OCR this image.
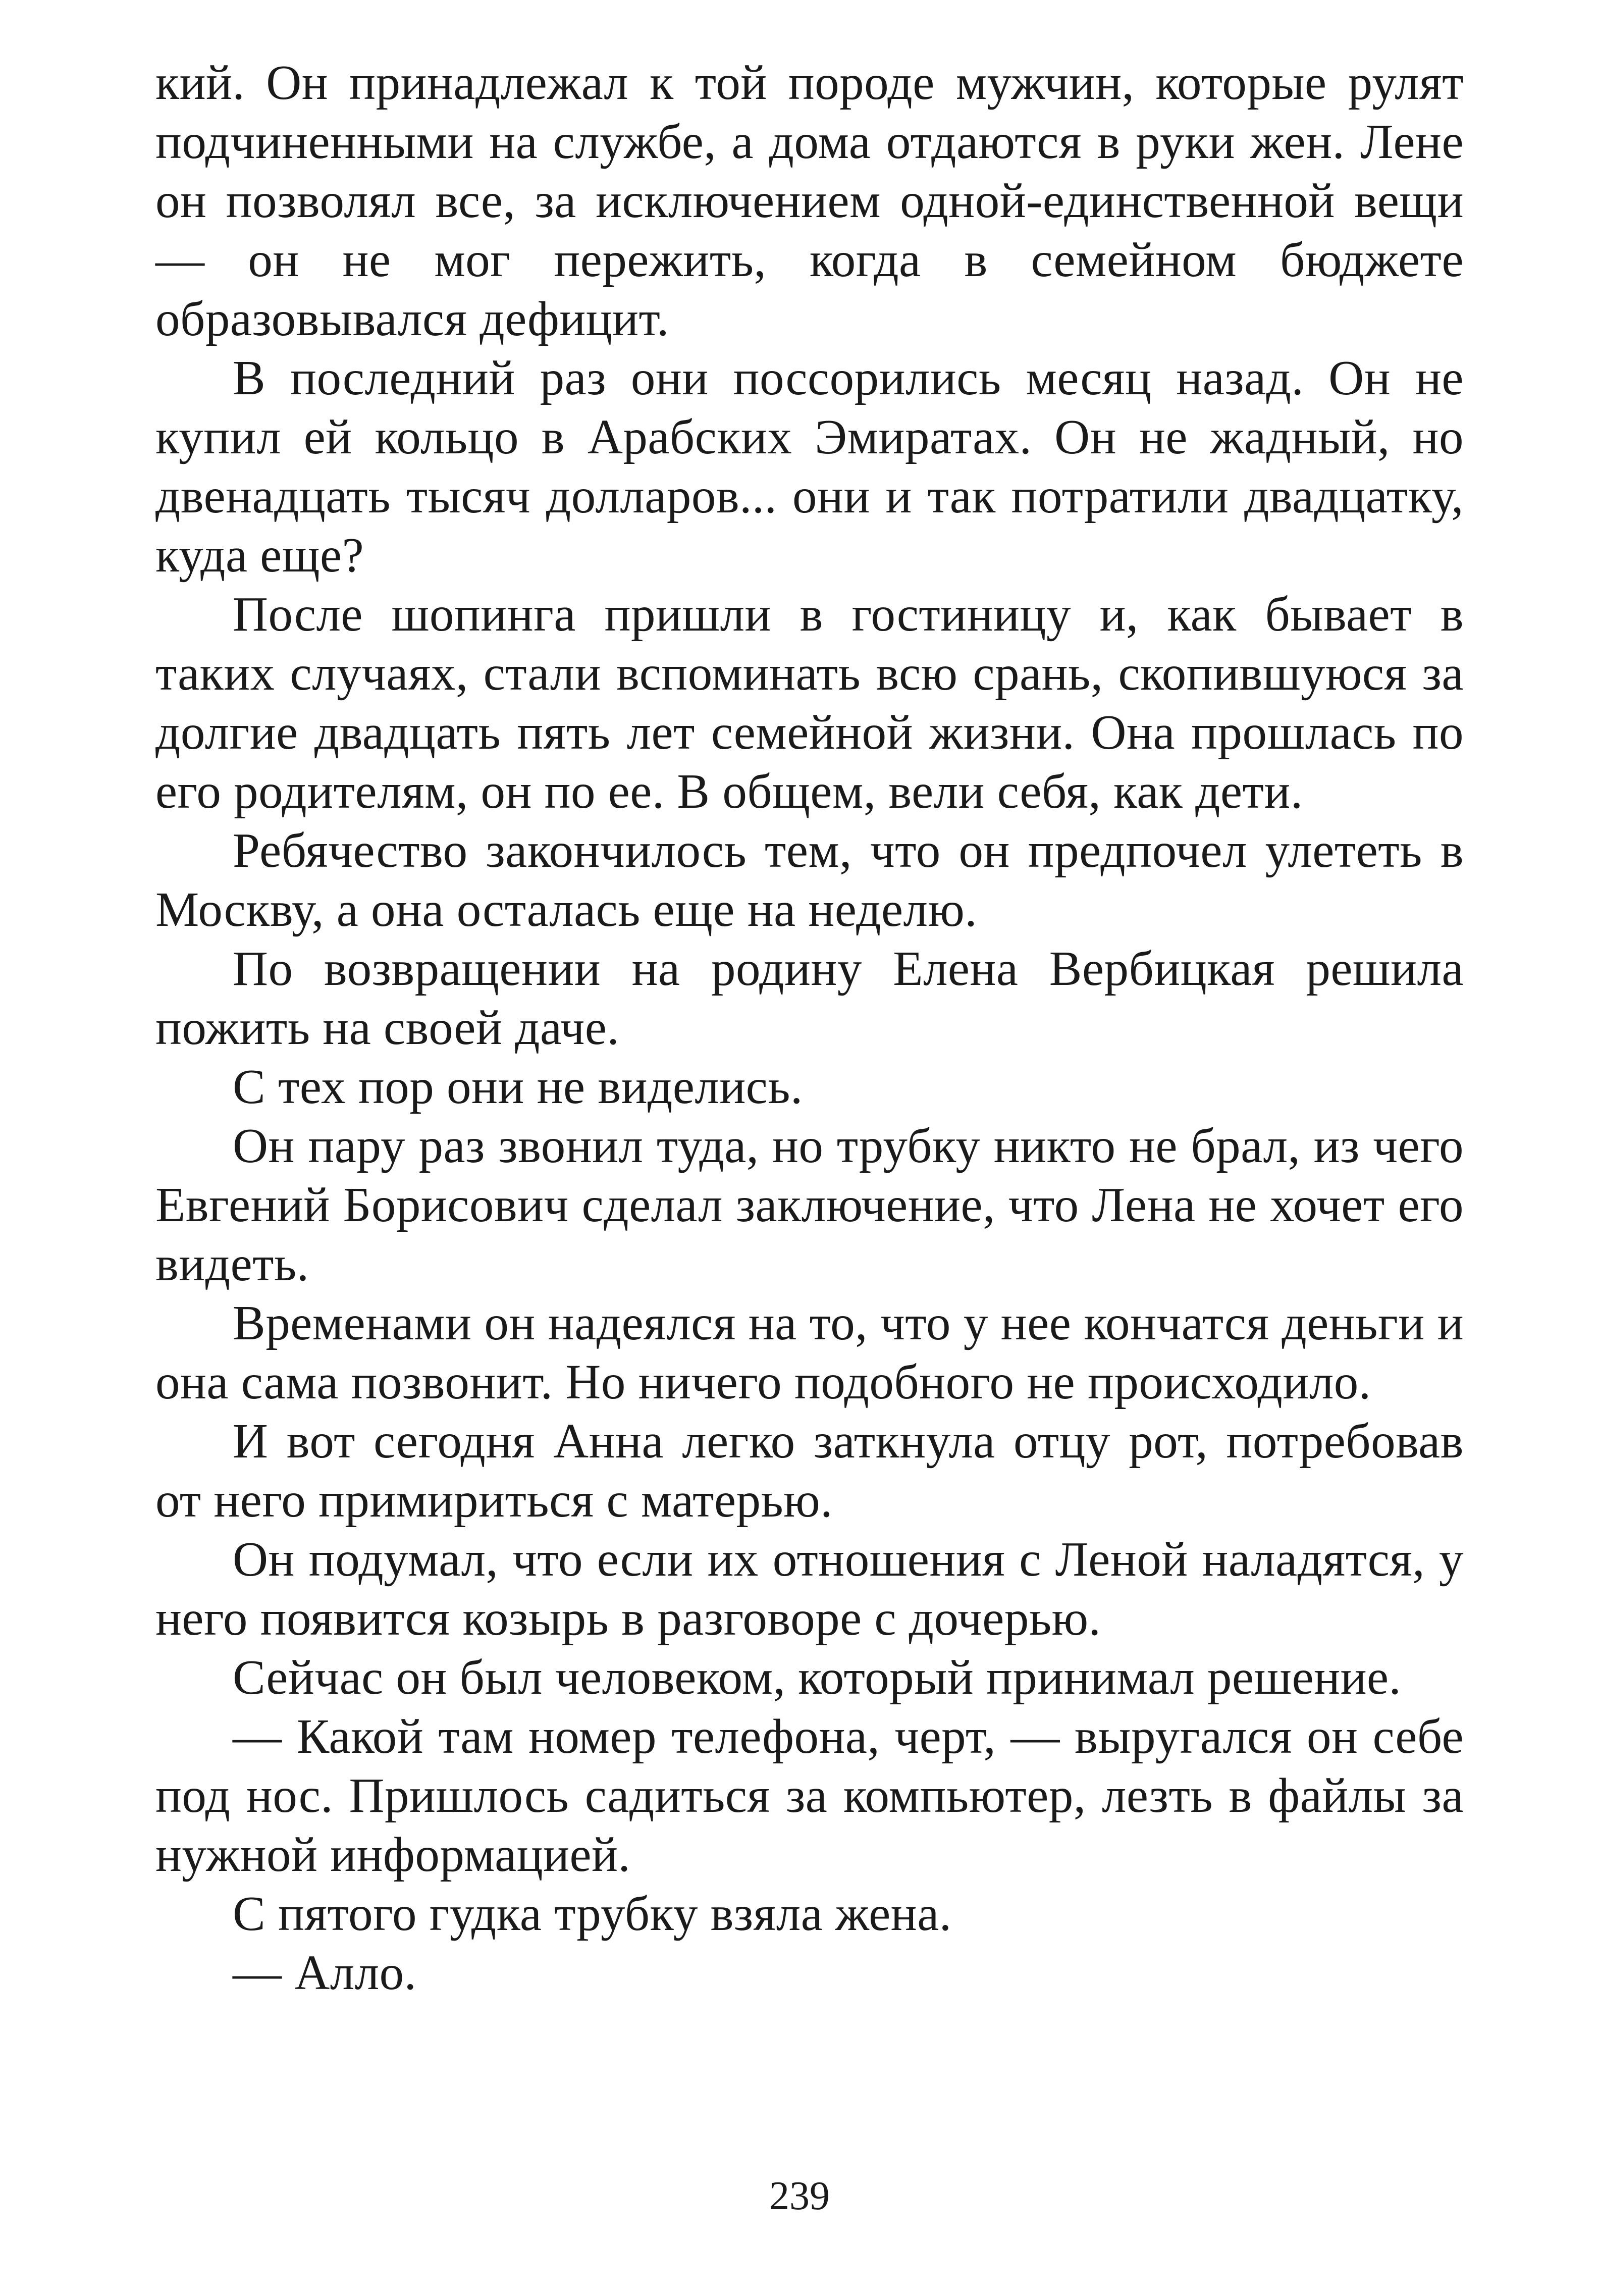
кий. Он принадлежал к той породе мужчин, которые рулят подчиненными на службе, а дома отдаются в руки жен. Лене он позволял все, за исключением одной-единственной вещи — он не мог пережить, когда в семейном бюджете образовывался дефицит.

В последний раз они поссорились месяц назад. Он не купил ей кольцо в Арабских Эмиратах. Он не жадный, но двенадцать тысяч долларов... они и так потратили двадцатку, куда еще?

После шопинга пришли в гостиницу и, как бывает в таких случаях, стали вспоминать всю срань, скопившуюся за долгие двадцать пять лет семейной жизни. Она прошлась по его родителям, он по ее. В общем, вели себя, как дети.

Ребячество закончилось тем, что он предпочел улететь в Москву, а она осталась еще на неделю.

По возвращении на родину Елена Вербицкая решила пожить на своей даче.

С тех пор они не виделись.

Он пару раз звонил туда, но трубку никто не брал, из чего Евгений Борисович сделал заключение, что Лена не хочет его видеть.

Временами он надеялся на то, что у нее кончатся деньги и она сама позвонит. Но ничего подобного не происходило.

И вот сегодня Анна легко заткнула отцу рот, потребовав от него примириться с матерью.

Он подумал, что если их отношения с Леной наладятся, у него появится козырь в разговоре с дочерью.

Сейчас он был человеком, который принимал решение.

— Какой там номер телефона, черт, — выругался он себе под нос. Пришлось садиться за компьютер, лезть в файлы за нужной информацией.

С пятого гудка трубку взяла жена.

— Алло.

239
